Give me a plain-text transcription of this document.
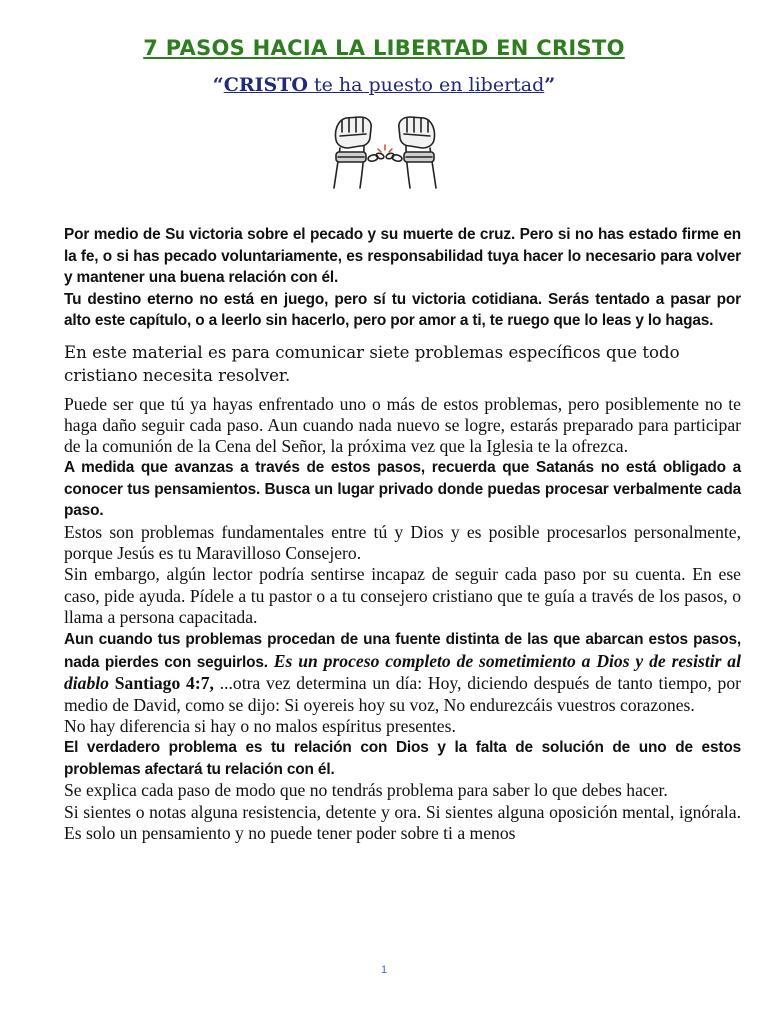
7 PASOS HACIA LA LIBERTAD EN CRISTO

“CRISTO te ha puesto en libertad”

Por medio de Su victoria sobre el pecado y su muerte de cruz. Pero si no has estado firme en la fe, o si has pecado voluntariamente, es responsabilidad tuya hacer lo necesario para volver y mantener una buena relación con él.

Tu destino eterno no está en juego, pero sí tu victoria cotidiana. Serás tentado a pasar por alto este capítulo, o a leerlo sin hacerlo, pero por amor a ti, te ruego que lo leas y lo hagas.

En este material es para comunicar siete problemas específicos que todo cristiano necesita resolver.

Puede ser que tú ya hayas enfrentado uno o más de estos problemas, pero posiblemente no te haga daño seguir cada paso. Aun cuando nada nuevo se logre, estarás preparado para participar de la comunión de la Cena del Señor, la próxima vez que la Iglesia te la ofrezca.

A medida que avanzas a través de estos pasos, recuerda que Satanás no está obligado a conocer tus pensamientos. Busca un lugar privado donde puedas procesar verbalmente cada paso.

Estos son problemas fundamentales entre tú y Dios y es posible procesarlos personalmente, porque Jesús es tu Maravilloso Consejero.

Sin embargo, algún lector podría sentirse incapaz de seguir cada paso por su cuenta. En ese caso, pide ayuda. Pídele a tu pastor o a tu consejero cristiano que te guía a través de los pasos, o llama a persona capacitada.

Aun cuando tus problemas procedan de una fuente distinta de las que abarcan estos pasos, nada pierdes con seguirlos. Es un proceso completo de sometimiento a Dios y de resistir al diablo Santiago 4:7, ...otra vez determina un día: Hoy, diciendo después de tanto tiempo, por medio de David, como se dijo: Si oyereis hoy su voz, No endurezcáis vuestros corazones.

No hay diferencia si hay o no malos espíritus presentes.

El verdadero problema es tu relación con Dios y la falta de solución de uno de estos problemas afectará tu relación con él.

Se explica cada paso de modo que no tendrás problema para saber lo que debes hacer.

Si sientes o notas alguna resistencia, detente y ora. Si sientes alguna oposición mental, ignórala. Es solo un pensamiento y no puede tener poder sobre ti a menos

1
